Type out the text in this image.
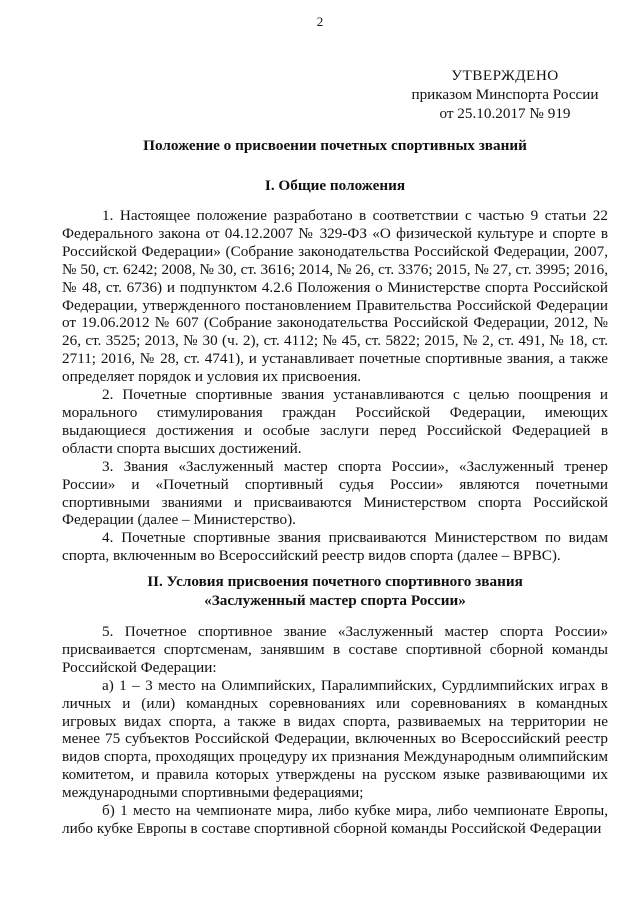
2
УТВЕРЖДЕНО
приказом Минспорта России
от 25.10.2017 № 919
Положение о присвоении почетных спортивных званий
I. Общие положения

1. Настоящее положение разработано в соответствии с частью 9 статьи 22 Федерального закона от 04.12.2007 № 329-ФЗ «О физической культуре и спорте в Российской Федерации» (Собрание законодательства Российской Федерации, 2007, № 50, ст. 6242; 2008, № 30, ст. 3616; 2014, № 26, ст. 3376; 2015, № 27, ст. 3995; 2016, № 48, ст. 6736) и подпунктом 4.2.6 Положения о Министерстве спорта Российской Федерации, утвержденного постановлением Правительства Российской Федерации от 19.06.2012 № 607 (Собрание законодательства Российской Федерации, 2012, № 26, ст. 3525; 2013, № 30 (ч. 2), ст. 4112; № 45, ст. 5822; 2015, № 2, ст. 491, № 18, ст. 2711; 2016, № 28, ст. 4741), и устанавливает почетные спортивные звания, а также определяет порядок и условия их присвоения.

2. Почетные спортивные звания устанавливаются с целью поощрения и морального стимулирования граждан Российской Федерации, имеющих выдающиеся достижения и особые заслуги перед Российской Федерацией в области спорта высших достижений.

3. Звания «Заслуженный мастер спорта России», «Заслуженный тренер России» и «Почетный спортивный судья России» являются почетными спортивными званиями и присваиваются Министерством спорта Российской Федерации (далее – Министерство).

4. Почетные спортивные звания присваиваются Министерством по видам спорта, включенным во Всероссийский реестр видов спорта (далее – ВРВС).

II. Условия присвоения почетного спортивного звания
«Заслуженный мастер спорта России»

5. Почетное спортивное звание «Заслуженный мастер спорта России» присваивается спортсменам, занявшим в составе спортивной сборной команды Российской Федерации:

а) 1 – 3 место на Олимпийских, Паралимпийских, Сурдлимпийских играх в личных и (или) командных соревнованиях или соревнованиях в командных игровых видах спорта, а также в видах спорта, развиваемых на территории не менее 75 субъектов Российской Федерации, включенных во Всероссийский реестр видов спорта, проходящих процедуру их признания Международным олимпийским комитетом, и правила которых утверждены на русском языке развивающими их международными спортивными федерациями;

б) 1 место на чемпионате мира, либо кубке мира, либо чемпионате Европы, либо кубке Европы в составе спортивной сборной команды Российской Федерации
